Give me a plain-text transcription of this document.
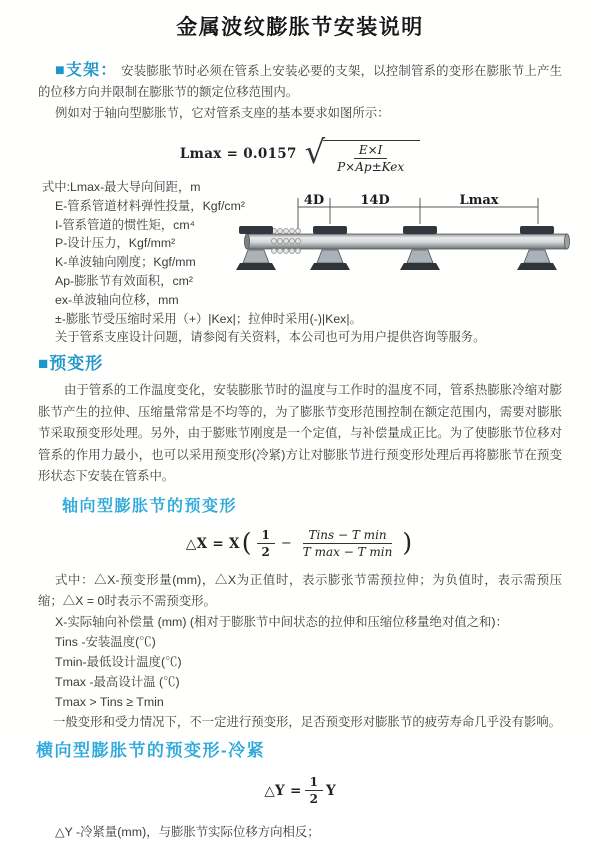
金属波纹膨胀节安装说明

■支架： 安装膨胀节时必须在管系上安装必要的支架，以控制管系的变形在膨胀节上产生的位移方向并限制在膨胀节的额定位移范围内。

例如对于轴向型膨胀节，它对管系支座的基本要求如图所示：

Lmax = 0.0157 √ $\frac{E\times I}{\text{P×Ap±Kex}}$
式中:Lmax-最大导向间距，m
E-管系管道材料弹性投量，Kgf/cm²
I-管系管道的惯性矩，cm⁴
P-设计压力，Kgf/mm²
K-单波轴向刚度；Kgf/mm
Ap-膨胀节有效面积，cm²
ex-单波轴向位移，mm
±-膨胀节受压缩时采用（+）|Kex|；拉伸时采用(-)|Kex|。
关于管系支座设计问题，请参阅有关资料，本公司也可为用户提供咨询等服务。
4D	14D	Lmax
■预变形

由于管系的工作温度变化，安装膨胀节时的温度与工作时的温度不同，管系热膨胀冷缩对膨胀节产生的拉伸、压缩量常常是不均等的，为了膨胀节变形范围控制在额定范围内，需要对膨胀节采取预变形处理。另外，由于膨账节刚度是一个定值，与补偿量成正比。为了使膨胀节位移对管系的作用力最小，也可以采用预变形(冷紧)方让对膨胀节进行预变形处理后再将膨胀节在预变形状态下安装在管系中。

轴向型膨胀节的预变形
△X = X ( $\frac{1}{2} - \frac{\text{Tins − T min}}{\text{T max − T min}}$ )

式中：△X-预变形量(mm)，△X为正值时，表示膨张节需预拉伸；为负值时，表示需预压缩；△X = 0时表示不需预变形。

X-实际轴向补偿量 (mm) (相对于膨胀节中间状态的拉伸和压缩位移量绝对值之和)：
Tins -安装温度(℃)
Tmin-最低设计温度(℃)
Tmax -最高设计温 (℃)
Tmax > Tins ≥ Tmin
一般变形和受力情况下，不一定进行预变形，足否预变形对膨胀节的疲劳寿命几乎没有影响。
横向型膨胀节的预变形-冷紧
△Y = $\frac{1}{2}$ Y

△Y -冷紧量(mm)，与膨胀节实际位移方向相反；
